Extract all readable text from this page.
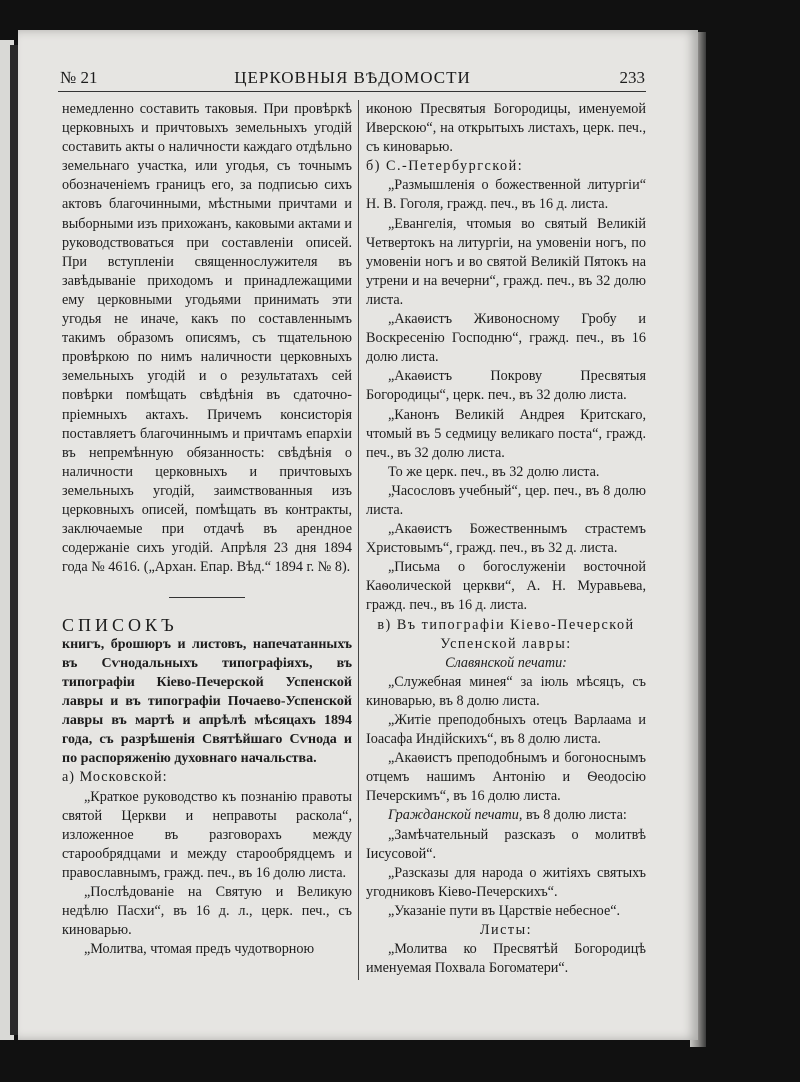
№ 21	ЦЕРКОВНЫЯ ВѢДОМОСТИ	233

немедленно составить таковыя. При провѣркѣ церковныхъ и причтовыхъ земельныхъ угодій составить акты о наличности каждаго отдѣльно земельнаго участка, или угодья, съ точнымъ обозначеніемъ границъ его, за подписью сихъ актовъ благочинными, мѣстными причтами и выборными изъ прихожанъ, каковыми актами и руководствоваться при составленіи описей. При вступленіи священнослужителя въ завѣдываніе приходомъ и принадлежащими ему церковными угодьями принимать эти угодья не иначе, какъ по составленнымъ такимъ образомъ описямъ, съ тщательною провѣркою по нимъ наличности церковныхъ земельныхъ угодій и о результатахъ сей повѣрки помѣщать свѣдѣнія въ сдаточно-пріемныхъ актахъ. Причемъ консисторія поставляетъ благочиннымъ и причтамъ епархіи въ непремѣнную обязанность: свѣдѣнія о наличности церковныхъ и причтовыхъ земельныхъ угодій, заимствованныя изъ церковныхъ описей, помѣщать въ контракты, заключаемые при отдачѣ въ арендное содержаніе сихъ угодій. Апрѣля 23 дня 1894 года № 4616. („Архан. Епар. Вѣд.“ 1894 г. № 8).

СПИСОКЪ

книгъ, брошюръ и листовъ, напечатанныхъ въ Сѵнодальныхъ типографіяхъ, въ типографіи Кіево-Печерской Успенской лавры и въ типографіи Почаево-Успенской лавры въ мартѣ и апрѣлѣ мѣсяцахъ 1894 года, съ разрѣшенія Святѣйшаго Сѵнода и по распоряженію духовнаго начальства.

а) Московской:

„Краткое руководство къ познанію правоты святой Церкви и неправоты раскола“, изложенное въ разговорахъ между старообрядцами и между старообрядцемъ и православнымъ, гражд. печ., въ 16 долю листа.

„Послѣдованіе на Святую и Великую недѣлю Пасхи“, въ 16 д. л., церк. печ., съ киноварью.

„Молитва, чтомая предъ чудотворною

иконою Пресвятыя Богородицы, именуемой Иверскою“, на открытыхъ листахъ, церк. печ., съ киноварью.

б) С.-Петербургской:

„Размышленія о божественной литургіи“ Н. В. Гоголя, гражд. печ., въ 16 д. листа.

„Евангелія, чтомыя во святый Великій Четвертокъ на литургіи, на умовеніи ногъ, по умовеніи ногъ и во святой Великій Пятокъ на утрени и на вечерни“, гражд. печ., въ 32 долю листа.

„Акаѳистъ Живоносному Гробу и Воскресенію Господню“, гражд. печ., въ 16 долю листа.

„Акаѳистъ Покрову Пресвятыя Богородицы“, церк. печ., въ 32 долю листа.

„Канонъ Великій Андрея Критскаго, чтомый въ 5 седмицу великаго поста“, гражд. печ., въ 32 долю листа.

То же церк. печ., въ 32 долю листа.

„Часословъ учебный“, цер. печ., въ 8 долю листа.

„Акаѳистъ Божественнымъ страстемъ Христовымъ“, гражд. печ., въ 32 д. листа.

„Письма о богослуженіи восточной Каѳолической церкви“, А. Н. Муравьева, гражд. печ., въ 16 д. листа.

в) Въ типографіи Кіево-Печерской Успенской лавры:

Славянской печати:

„Служебная минея“ за іюль мѣсяцъ, съ киноварью, въ 8 долю листа.

„Житіе преподобныхъ отецъ Варлаама и Іоасафа Индійскихъ“, въ 8 долю листа.

„Акаѳистъ преподобнымъ и богоноснымъ отцемъ нашимъ Антонію и Ѳеодосію Печерскимъ“, въ 16 долю листа.

Гражданской печати, въ 8 долю листа:

„Замѣчательный разсказъ о молитвѣ Іисусовой“.

„Разсказы для народа о житіяхъ святыхъ угодниковъ Кіево-Печерскихъ“.

„Указаніе пути въ Царствіе небесное“.

Листы:

„Молитва ко Пресвятѣй Богородицѣ именуемая Похвала Богоматери“.
